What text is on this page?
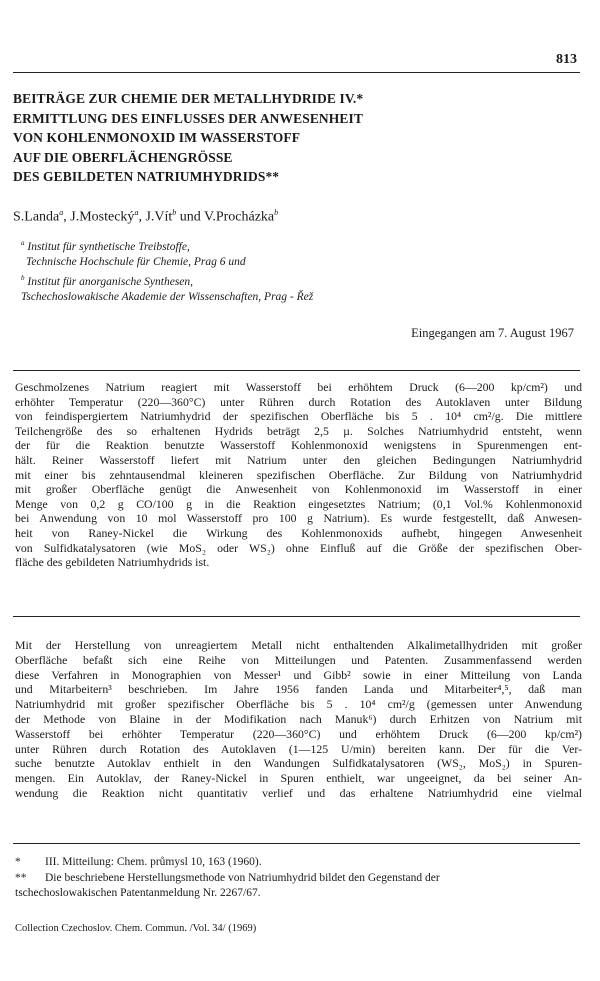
813
BEITRÄGE ZUR CHEMIE DER METALLHYDRIDE IV.*
ERMITTLUNG DES EINFLUSSES DER ANWESENHEIT
VON KOHLENMONOXID IM WASSERSTOFF
AUF DIE OBERFLÄCHENGRÖSSE
DES GEBILDETEN NATRIUMHYDRIDS**
S.Landa$^a$, J.Mostecký$^a$, J.Vít$^b$ und V.Procházka$^b$
$^a$ Institut für synthetische Treibstoffe,
Technische Hochschule für Chemie, Prag 6 und
$^b$ Institut für anorganische Synthesen,
Tschechoslowakische Akademie der Wissenschaften, Prag - Řež
Eingegangen am 7. August 1967
Geschmolzenes Natrium reagiert mit Wasserstoff bei erhöhtem Druck (6—200 kp/cm²) und
erhöhter Temperatur (220—360°C) unter Rühren durch Rotation des Autoklaven unter Bildung
von feindispergiertem Natriumhydrid der spezifischen Oberfläche bis 5 . 10⁴ cm²/g. Die mittlere
Teilchengröße des so erhaltenen Hydrids beträgt 2,5 µ. Solches Natriumhydrid entsteht, wenn
der für die Reaktion benutzte Wasserstoff Kohlenmonoxid wenigstens in Spurenmengen ent-
hält. Reiner Wasserstoff liefert mit Natrium unter den gleichen Bedingungen Natriumhydrid
mit einer bis zehntausendmal kleineren spezifischen Oberfläche. Zur Bildung von Natriumhydrid
mit großer Oberfläche genügt die Anwesenheit von Kohlenmonoxid im Wasserstoff in einer
Menge von 0,2 g CO/100 g in die Reaktion eingesetztes Natrium; (0,1 Vol.% Kohlenmonoxid
bei Anwendung von 10 mol Wasserstoff pro 100 g Natrium). Es wurde festgestellt, daß Anwesen-
heit von Raney-Nickel die Wirkung des Kohlenmonoxids aufhebt, hingegen Anwesenheit
von Sulfidkatalysatoren (wie MoS₂ oder WS₂) ohne Einfluß auf die Größe der spezifischen Ober-
fläche des gebildeten Natriumhydrids ist.
Mit der Herstellung von unreagiertem Metall nicht enthaltenden Alkalimetallhydriden mit großer
Oberfläche befaßt sich eine Reihe von Mitteilungen und Patenten. Zusammenfassend werden
diese Verfahren in Monographien von Messer¹ und Gibb² sowie in einer Mitteilung von Landa
und Mitarbeitern³ beschrieben. Im Jahre 1956 fanden Landa und Mitarbeiter⁴,⁵, daß man
Natriumhydrid mit großer spezifischer Oberfläche bis 5 . 10⁴ cm²/g (gemessen unter Anwendung
der Methode von Blaine in der Modifikation nach Manuk⁶) durch Erhitzen von Natrium mit
Wasserstoff bei erhöhter Temperatur (220—360°C) und erhöhtem Druck (6—200 kp/cm²)
unter Rühren durch Rotation des Autoklaven (1—125 U/min) bereiten kann. Der für die Ver-
suche benutzte Autoklav enthielt in den Wandungen Sulfidkatalysatoren (WS₂, MoS₂) in Spuren-
mengen. Ein Autoklav, der Raney-Nickel in Spuren enthielt, war ungeeignet, da bei seiner An-
wendung die Reaktion nicht quantitativ verlief und das erhaltene Natriumhydrid eine vielmal
* III. Mitteilung: Chem. průmysl 10, 163 (1960).
** Die beschriebene Herstellungsmethode von Natriumhydrid bildet den Gegenstand der
tschechoslowakischen Patentanmeldung Nr. 2267/67.
Collection Czechoslov. Chem. Commun. /Vol. 34/ (1969)
